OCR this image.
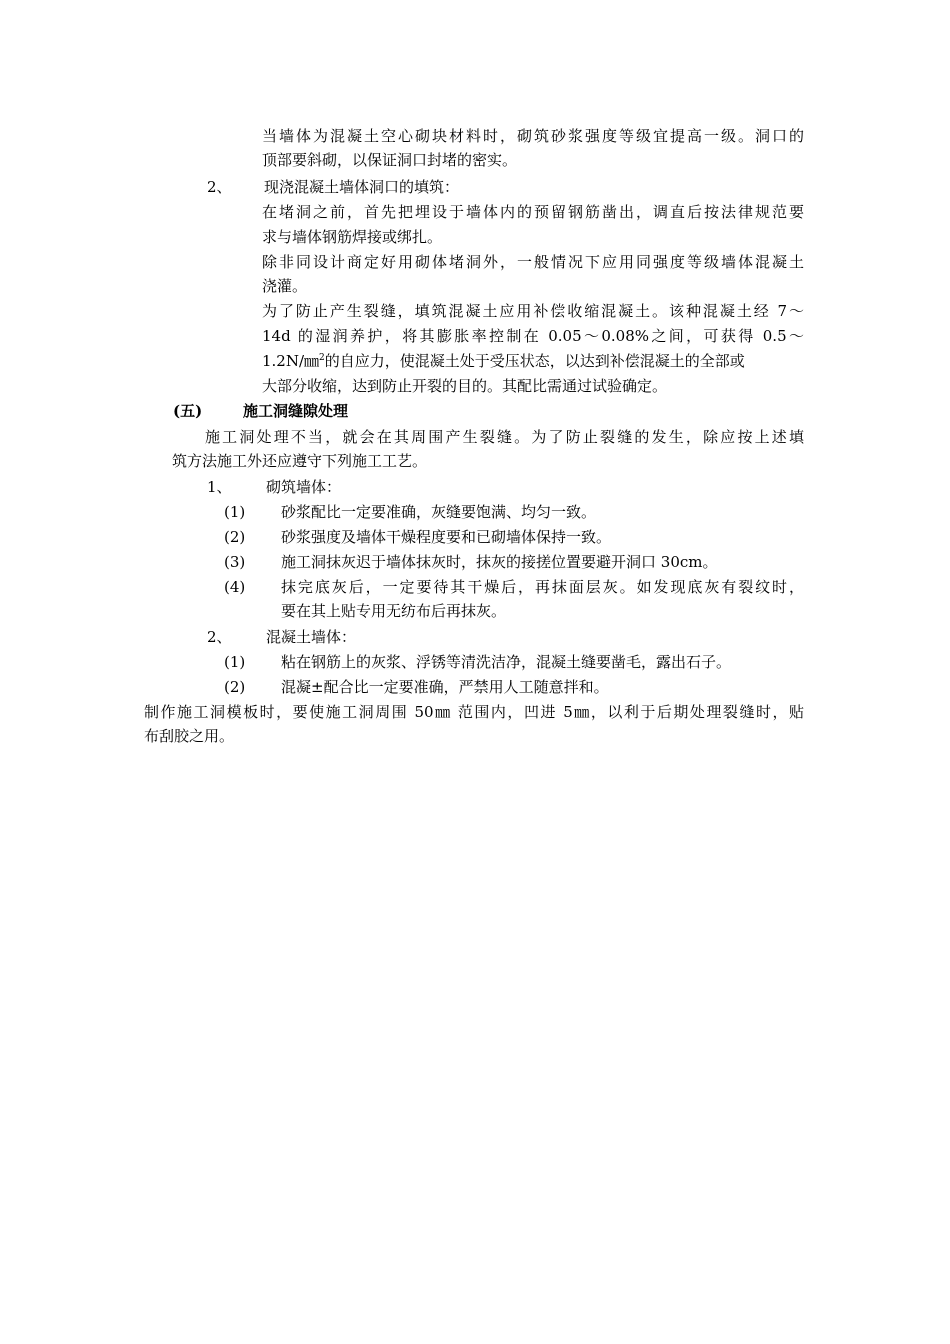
当墙体为混凝土空心砌块材料时，砌筑砂浆强度等级宜提高一级。洞口的
顶部要斜砌，以保证洞口封堵的密实。
2、 现浇混凝土墙体洞口的填筑：
在堵洞之前，首先把埋设于墙体内的预留钢筋凿出，调直后按法律规范要
求与墙体钢筋焊接或绑扎。
除非同设计商定好用砌体堵洞外，一般情况下应用同强度等级墙体混凝土
浇灌。
为了防止产生裂缝，填筑混凝土应用补偿收缩混凝土。该种混凝土经 7～
14d 的湿润养护，将其膨胀率控制在 0.05～0.08%之间，可获得 0.5～
1.2N/㎜$^2$的自应力，使混凝土处于受压状态，以达到补偿混凝土的全部或
大部分收缩，达到防止开裂的目的。其配比需通过试验确定。
(五)	施工洞缝隙处理
施工洞处理不当，就会在其周围产生裂缝。为了防止裂缝的发生，除应按上述填
筑方法施工外还应遵守下列施工工艺。
1、 砌筑墙体：
(1) 砂浆配比一定要准确，灰缝要饱满、均匀一致。
(2) 砂浆强度及墙体干燥程度要和已砌墙体保持一致。
(3) 施工洞抹灰迟于墙体抹灰时，抹灰的接搓位置要避开洞口 30cm。
(4) 抹完底灰后，一定要待其干燥后，再抹面层灰。如发现底灰有裂纹时，
要在其上贴专用无纺布后再抹灰。
2、 混凝土墙体：
(1) 粘在钢筋上的灰浆、浮锈等清洗洁净，混凝土缝要凿毛，露出石子。
(2) 混凝±配合比一定要准确，严禁用人工随意拌和。
制作施工洞模板时，要使施工洞周围 50㎜ 范围内，凹进 5㎜，以利于后期处理裂缝时，贴
布刮胶之用。
